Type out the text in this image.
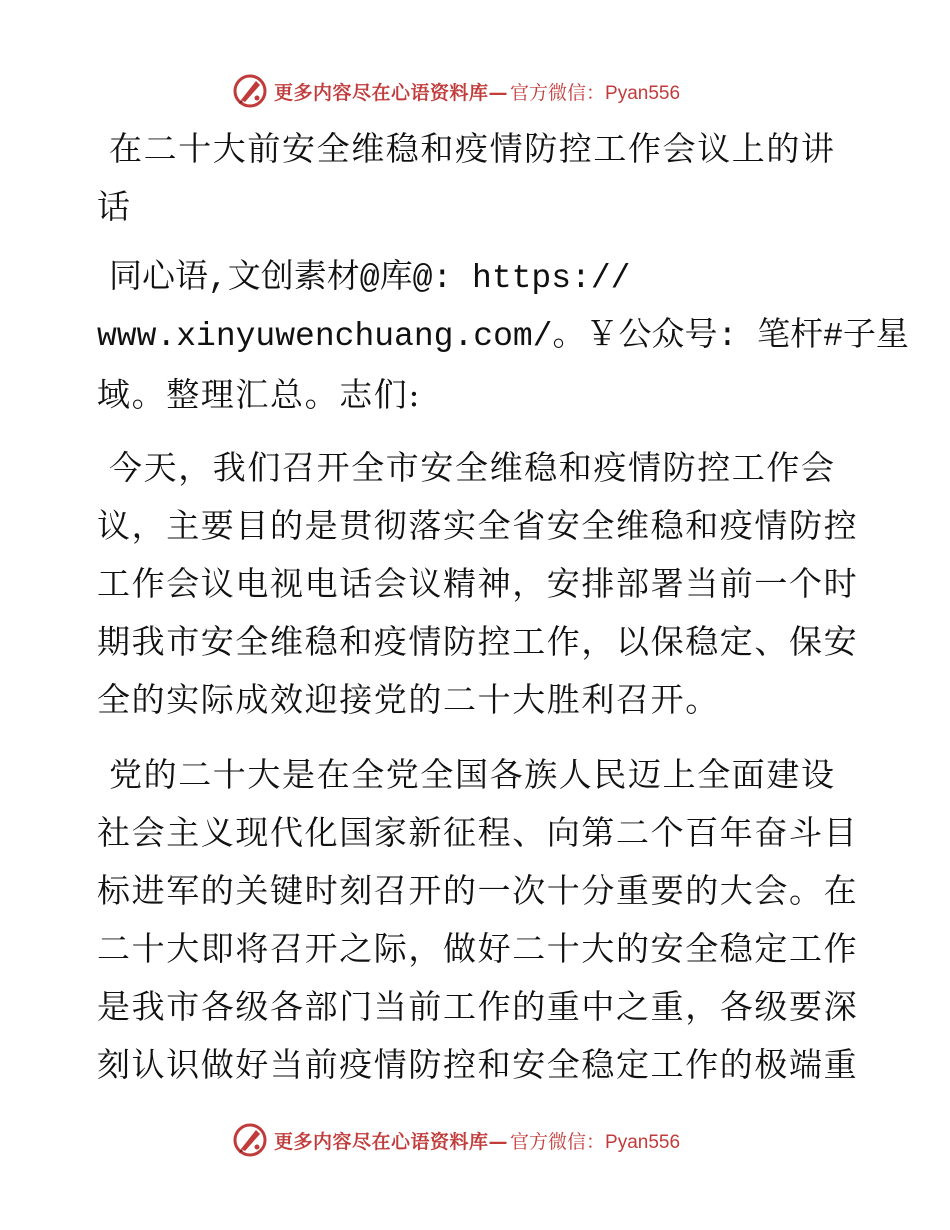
更多内容尽在心语资料库— 官方微信：Pyan556
在二十大前安全维稳和疫情防控工作会议上的讲
话
同心语,文创素材@库@: https://
www.xinyuwenchuang.com/。￥公众号: 笔杆#子星
域。整理汇总。志们:
今天，我们召开全市安全维稳和疫情防控工作会
议，主要目的是贯彻落实全省安全维稳和疫情防控
工作会议电视电话会议精神，安排部署当前一个时
期我市安全维稳和疫情防控工作，以保稳定、保安
全的实际成效迎接党的二十大胜利召开。
党的二十大是在全党全国各族人民迈上全面建设
社会主义现代化国家新征程、向第二个百年奋斗目
标进军的关键时刻召开的一次十分重要的大会。在
二十大即将召开之际，做好二十大的安全稳定工作
是我市各级各部门当前工作的重中之重，各级要深
刻认识做好当前疫情防控和安全稳定工作的极端重
更多内容尽在心语资料库— 官方微信：Pyan556
